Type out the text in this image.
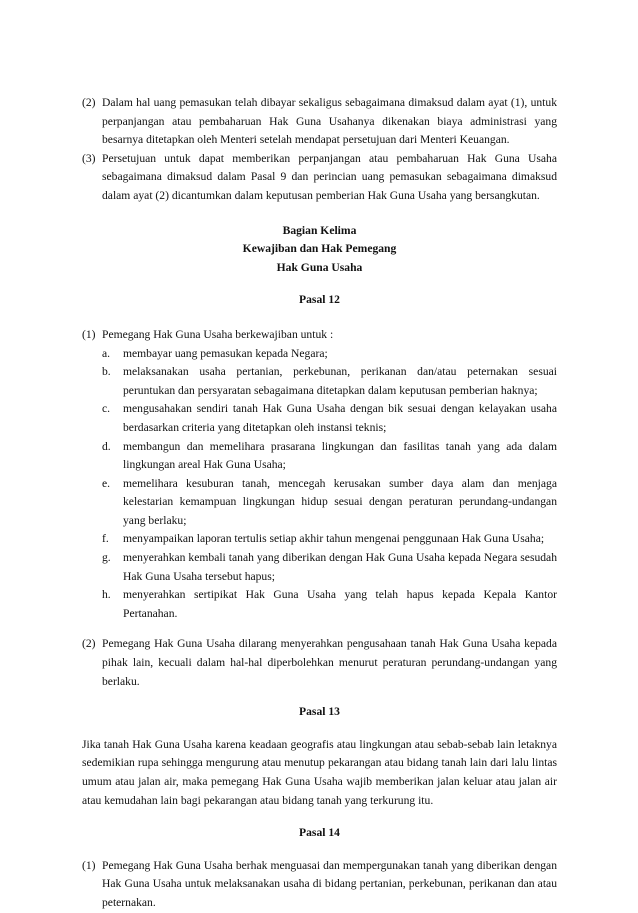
(2) Dalam hal uang pemasukan telah dibayar sekaligus sebagaimana dimaksud dalam ayat (1), untuk perpanjangan atau pembaharuan Hak Guna Usahanya dikenakan biaya administrasi yang besarnya ditetapkan oleh Menteri setelah mendapat persetujuan dari Menteri Keuangan.
(3) Persetujuan untuk dapat memberikan perpanjangan atau pembaharuan Hak Guna Usaha sebagaimana dimaksud dalam Pasal 9 dan perincian uang pemasukan sebagaimana dimaksud dalam ayat (2) dicantumkan dalam keputusan pemberian Hak Guna Usaha yang bersangkutan.
Bagian Kelima
Kewajiban dan Hak Pemegang
Hak Guna Usaha
Pasal 12
(1) Pemegang Hak Guna Usaha berkewajiban untuk :
a.	membayar uang pemasukan kepada Negara;
b.	melaksanakan usaha pertanian, perkebunan, perikanan dan/atau peternakan sesuai peruntukan dan persyaratan sebagaimana ditetapkan dalam keputusan pemberian haknya;
c.	mengusahakan sendiri tanah Hak Guna Usaha dengan bik sesuai dengan kelayakan usaha berdasarkan criteria yang ditetapkan oleh instansi teknis;
d.	membangun dan memelihara prasarana lingkungan dan fasilitas tanah yang ada dalam lingkungan areal Hak Guna Usaha;
e.	memelihara kesuburan tanah, mencegah kerusakan sumber daya alam dan menjaga kelestarian kemampuan lingkungan hidup sesuai dengan peraturan perundang-undangan yang berlaku;
f.	menyampaikan laporan tertulis setiap akhir tahun mengenai penggunaan Hak Guna Usaha;
g.	menyerahkan kembali tanah yang diberikan dengan Hak Guna Usaha kepada Negara sesudah Hak Guna Usaha tersebut hapus;
h.	menyerahkan sertipikat Hak Guna Usaha yang telah hapus kepada Kepala Kantor Pertanahan.
(2) Pemegang Hak Guna Usaha dilarang menyerahkan pengusahaan tanah Hak Guna Usaha kepada pihak lain, kecuali dalam hal-hal diperbolehkan menurut peraturan perundang-undangan yang berlaku.
Pasal 13
Jika tanah Hak Guna Usaha karena keadaan geografis atau lingkungan atau sebab-sebab lain letaknya sedemikian rupa sehingga mengurung atau menutup pekarangan atau bidang tanah lain dari lalu lintas umum atau jalan air, maka pemegang Hak Guna Usaha wajib memberikan jalan keluar atau jalan air atau kemudahan lain bagi pekarangan atau bidang tanah yang terkurung itu.
Pasal 14
(1) Pemegang Hak Guna Usaha berhak menguasai dan mempergunakan tanah yang diberikan dengan Hak Guna Usaha untuk melaksanakan usaha di bidang pertanian, perkebunan, perikanan dan atau peternakan.
